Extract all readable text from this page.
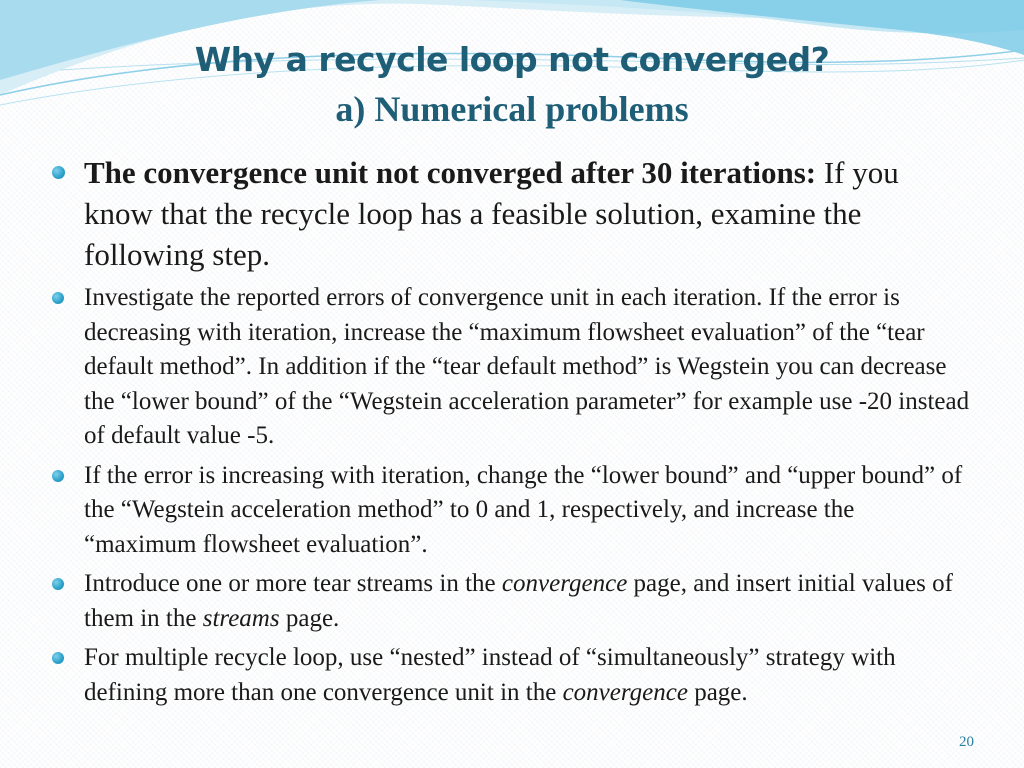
Why a recycle loop not converged?
a) Numerical problems
The convergence unit not converged after 30 iterations: If you know that the recycle loop has a feasible solution, examine the following step.
Investigate the reported errors of convergence unit in each iteration. If the error is decreasing with iteration, increase the “maximum flowsheet evaluation” of the “tear default method”. In addition if the “tear default method” is Wegstein you can decrease the “lower bound” of the “Wegstein acceleration parameter” for example use -20 instead of default value -5.
If the error is increasing with iteration, change the “lower bound” and “upper bound” of the “Wegstein acceleration method” to 0 and 1, respectively, and increase the “maximum flowsheet evaluation”.
Introduce one or more tear streams in the convergence page, and insert initial values of them in the streams page.
For multiple recycle loop, use “nested” instead of “simultaneously” strategy with defining more than one convergence unit in the convergence page.
20
